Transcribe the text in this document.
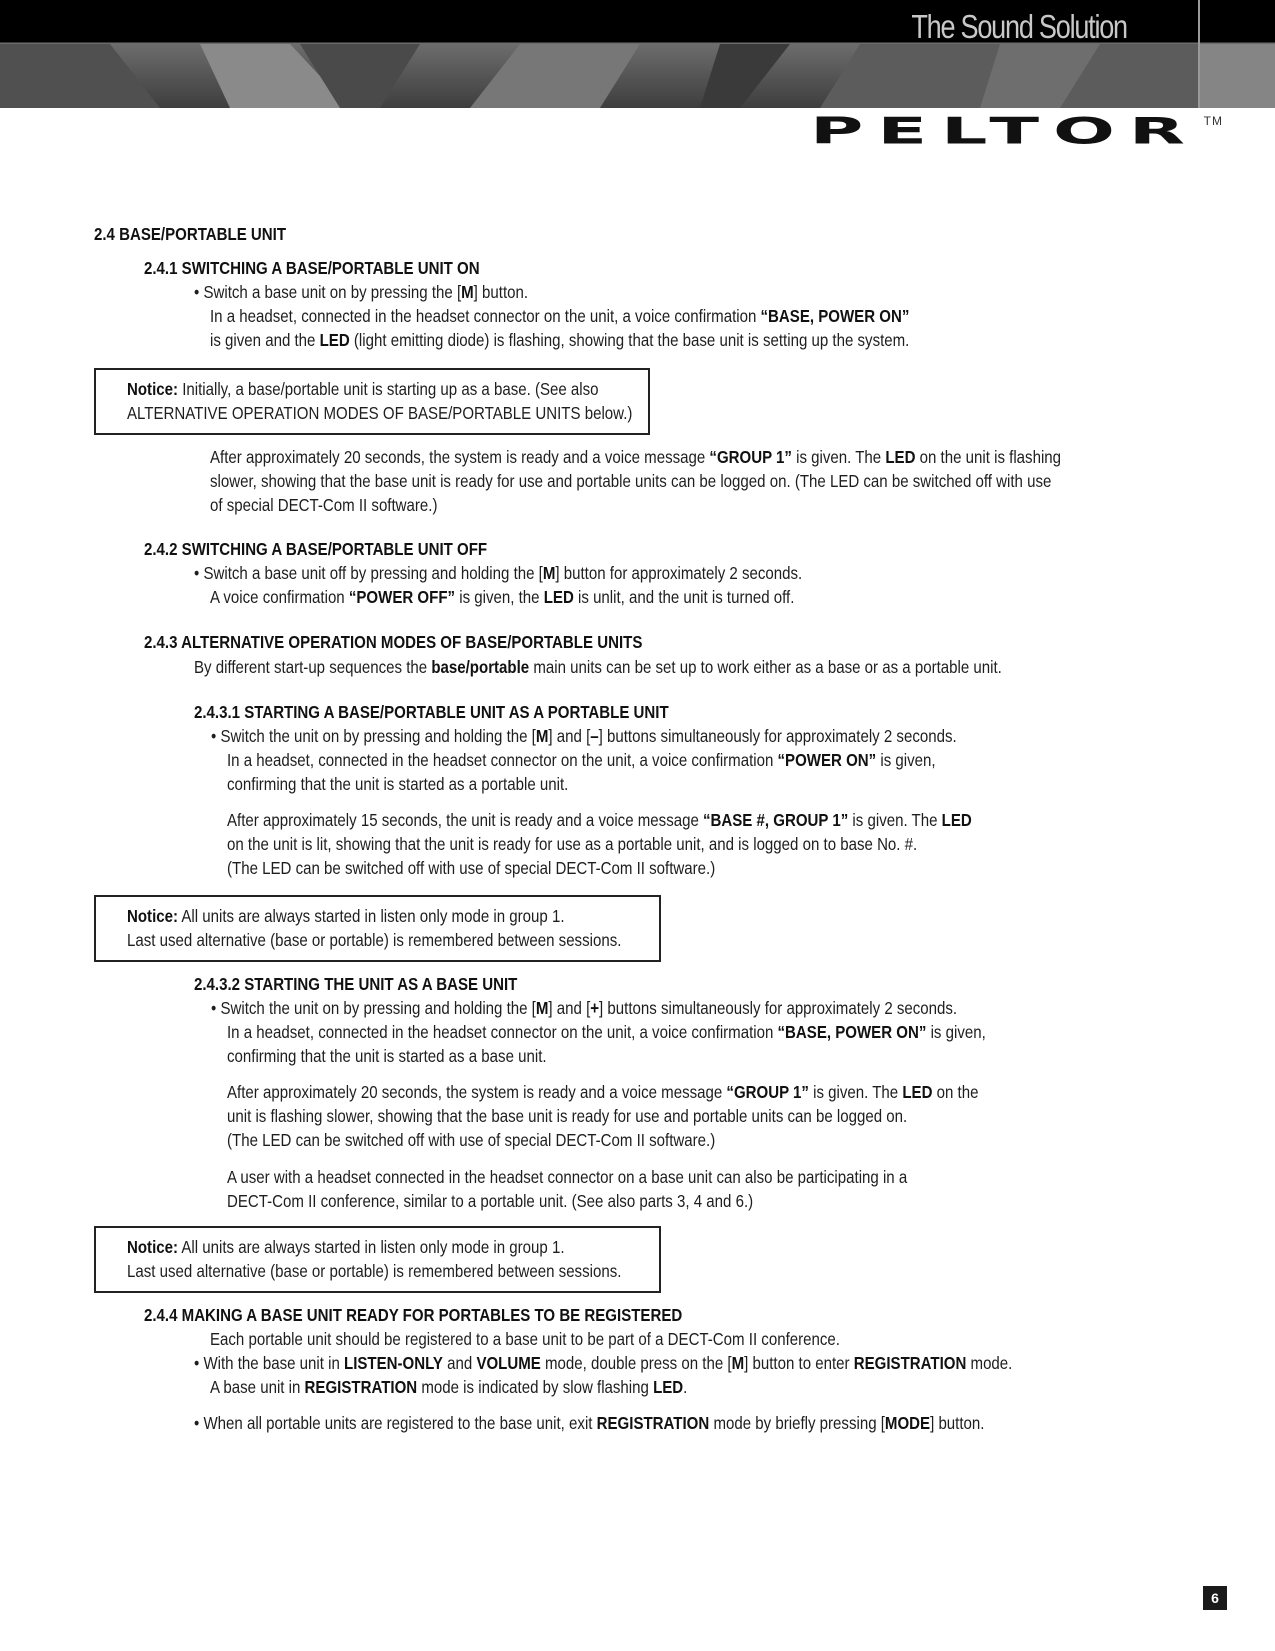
The Sound Solution
PELTOR TM
2.4 BASE/PORTABLE UNIT
2.4.1 SWITCHING A BASE/PORTABLE UNIT ON
• Switch a base unit on by pressing the [M] button.
In a headset, connected in the headset connector on the unit, a voice confirmation “BASE, POWER ON”
is given and the LED (light emitting diode) is flashing, showing that the base unit is setting up the system.
Notice: Initially, a base/portable unit is starting up as a base. (See also
ALTERNATIVE OPERATION MODES OF BASE/PORTABLE UNITS below.)
After approximately 20 seconds, the system is ready and a voice message “GROUP 1” is given. The LED on the unit is flashing
slower, showing that the base unit is ready for use and portable units can be logged on. (The LED can be switched off with use
of special DECT-Com II software.)
2.4.2 SWITCHING A BASE/PORTABLE UNIT OFF
• Switch a base unit off by pressing and holding the [M] button for approximately 2 seconds.
A voice confirmation “POWER OFF” is given, the LED is unlit, and the unit is turned off.
2.4.3 ALTERNATIVE OPERATION MODES OF BASE/PORTABLE UNITS
By different start-up sequences the base/portable main units can be set up to work either as a base or as a portable unit.
2.4.3.1 STARTING A BASE/PORTABLE UNIT AS A PORTABLE UNIT
• Switch the unit on by pressing and holding the [M] and [–] buttons simultaneously for approximately 2 seconds.
In a headset, connected in the headset connector on the unit, a voice confirmation “POWER ON” is given,
confirming that the unit is started as a portable unit.
After approximately 15 seconds, the unit is ready and a voice message “BASE #, GROUP 1” is given. The LED
on the unit is lit, showing that the unit is ready for use as a portable unit, and is logged on to base No. #.
(The LED can be switched off with use of special DECT-Com II software.)
Notice: All units are always started in listen only mode in group 1.
Last used alternative (base or portable) is remembered between sessions.
2.4.3.2 STARTING THE UNIT AS A BASE UNIT
• Switch the unit on by pressing and holding the [M] and [+] buttons simultaneously for approximately 2 seconds.
In a headset, connected in the headset connector on the unit, a voice confirmation “BASE, POWER ON” is given,
confirming that the unit is started as a base unit.
After approximately 20 seconds, the system is ready and a voice message “GROUP 1” is given. The LED on the
unit is flashing slower, showing that the base unit is ready for use and portable units can be logged on.
(The LED can be switched off with use of special DECT-Com II software.)
A user with a headset connected in the headset connector on a base unit can also be participating in a
DECT-Com II conference, similar to a portable unit. (See also parts 3, 4 and 6.)
Notice: All units are always started in listen only mode in group 1.
Last used alternative (base or portable) is remembered between sessions.
2.4.4 MAKING A BASE UNIT READY FOR PORTABLES TO BE REGISTERED
Each portable unit should be registered to a base unit to be part of a DECT-Com II conference.
• With the base unit in LISTEN-ONLY and VOLUME mode, double press on the [M] button to enter REGISTRATION mode.
A base unit in REGISTRATION mode is indicated by slow flashing LED.
• When all portable units are registered to the base unit, exit REGISTRATION mode by briefly pressing [MODE] button.
6
